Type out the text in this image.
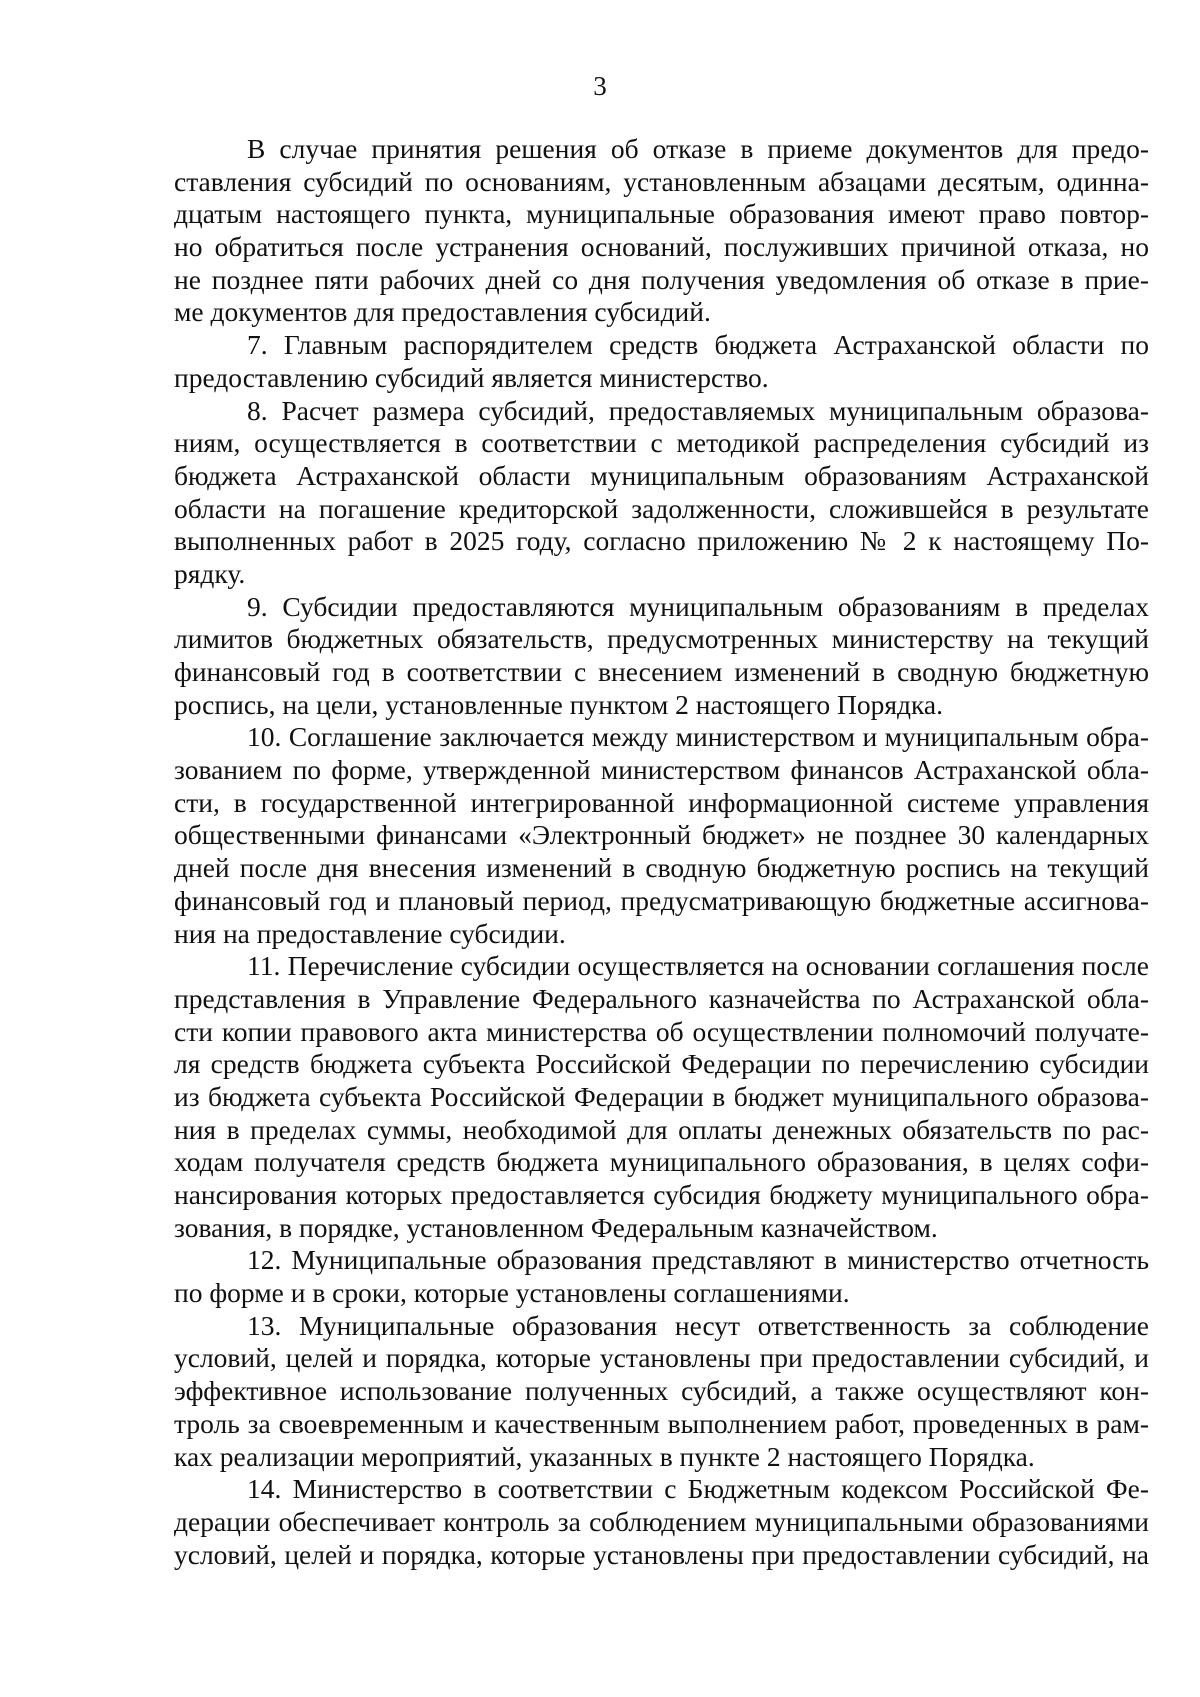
3
В случае принятия решения об отказе в приеме документов для предо-
ставления субсидий по основаниям, установленным абзацами десятым, одинна-
дцатым настоящего пункта, муниципальные образования имеют право повтор-
но обратиться после устранения оснований, послуживших причиной отказа, но
не позднее пяти рабочих дней со дня получения уведомления об отказе в прие-
ме документов для предоставления субсидий.
7. Главным распорядителем средств бюджета Астраханской области по
предоставлению субсидий является министерство.
8. Расчет размера субсидий, предоставляемых муниципальным образова-
ниям, осуществляется в соответствии с методикой распределения субсидий из
бюджета Астраханской области муниципальным образованиям Астраханской
области на погашение кредиторской задолженности, сложившейся в результате
выполненных работ в 2025 году, согласно приложению № 2 к настоящему По-
рядку.
9. Субсидии предоставляются муниципальным образованиям в пределах
лимитов бюджетных обязательств, предусмотренных министерству на текущий
финансовый год в соответствии с внесением изменений в сводную бюджетную
роспись, на цели, установленные пунктом 2 настоящего Порядка.
10. Соглашение заключается между министерством и муниципальным обра-
зованием по форме, утвержденной министерством финансов Астраханской обла-
сти, в государственной интегрированной информационной системе управления
общественными финансами «Электронный бюджет» не позднее 30 календарных
дней после дня внесения изменений в сводную бюджетную роспись на текущий
финансовый год и плановый период, предусматривающую бюджетные ассигнова-
ния на предоставление субсидии.
11. Перечисление субсидии осуществляется на основании соглашения после
представления в Управление Федерального казначейства по Астраханской обла-
сти копии правового акта министерства об осуществлении полномочий получате-
ля средств бюджета субъекта Российской Федерации по перечислению субсидии
из бюджета субъекта Российской Федерации в бюджет муниципального образова-
ния в пределах суммы, необходимой для оплаты денежных обязательств по рас-
ходам получателя средств бюджета муниципального образования, в целях софи-
нансирования которых предоставляется субсидия бюджету муниципального обра-
зования, в порядке, установленном Федеральным казначейством.
12. Муниципальные образования представляют в министерство отчетность
по форме и в сроки, которые установлены соглашениями.
13. Муниципальные образования несут ответственность за соблюдение
условий, целей и порядка, которые установлены при предоставлении субсидий, и
эффективное использование полученных субсидий, а также осуществляют кон-
троль за своевременным и качественным выполнением работ, проведенных в рам-
ках реализации мероприятий, указанных в пункте 2 настоящего Порядка.
14. Министерство в соответствии с Бюджетным кодексом Российской Фе-
дерации обеспечивает контроль за соблюдением муниципальными образованиями
условий, целей и порядка, которые установлены при предоставлении субсидий, на
